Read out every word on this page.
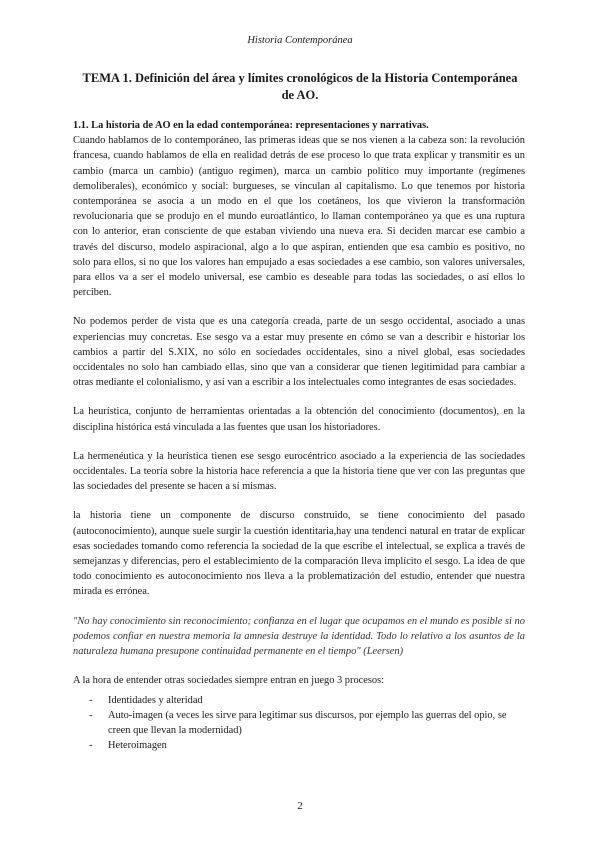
Historia Contemporánea
TEMA 1. Definición del área y límites cronológicos de la Historia Contemporánea de AO.

1.1. La historia de AO en la edad contemporánea: representaciones y narrativas.

Cuando hablamos de lo contemporáneo, las primeras ideas que se nos vienen a la cabeza son: la revolución francesa, cuando hablamos de ella en realidad detrás de ese proceso lo que trata explicar y transmitir es un cambio (marca un cambio) (antiguo regimen), marca un cambio político muy importante (regímenes demoliberales), económico y social: burgueses, se vinculan al capitalismo. Lo que tenemos por historia contemporánea se asocia a un modo en el que los coetáneos, los que vivieron la transformación revolucionaria que se produjo en el mundo euroatlántico, lo llaman contemporáneo ya que es una ruptura con lo anterior, eran consciente de que estaban viviendo una nueva era. Si deciden marcar ese cambio a través del discurso, modelo aspiracional, algo a lo que aspiran, entienden que esa cambio es positivo, no solo para ellos, si no que los valores han empujado a esas sociedades a ese cambio, son valores universales, para ellos va a ser el modelo universal, ese cambio es deseable para todas las sociedades, o así ellos lo perciben.

No podemos perder de vista que es una categoría creada, parte de un sesgo occidental, asociado a unas experiencias muy concretas. Ese sesgo va a estar muy presente en cómo se van a describir e historiar los cambios a partir del S.XIX, no sólo en sociedades occidentales, sino a nivel global, esas sociedades occidentales no solo han cambiado ellas, sino que van a considerar que tienen legitimidad para cambiar a otras mediante el colonialismo, y así van a escribir a los intelectuales como integrantes de esas sociedades.

La heurística, conjunto de herramientas orientadas a la obtención del conocimiento (documentos), en la disciplina histórica está vinculada a las fuentes que usan los historiadores.

La hermenéutica y la heurística tienen ese sesgo eurocéntrico asociado a la experiencia de las sociedades occidentales. La teoría sobre la historia hace referencia a que la historia tiene que ver con las preguntas que las sociedades del presente se hacen a sí mismas.

la historia tiene un componente de discurso construido, se tiene conocimiento del pasado (autoconocimiento), aunque suele surgir la cuestión identitaria,hay una tendenci natural en tratar de explicar esas sociedades tomando como referencia la sociedad de la que escribe el intelectual, se explica a través de semejanzas y diferencias, pero el establecimiento de la comparación lleva implícito el sesgo. La idea de que todo conocimiento es autoconocimiento nos lleva a la problematización del estudio, entender que nuestra mirada es errónea.

"No hay conocimiento sin reconocimiento; confianza en el lugar que ocupamos en el mundo es posible si no podemos confiar en nuestra memoria la amnesia destruye la identidad. Todo lo relativo a los asuntos de la naturaleza humana presupone continuidad permanente en el tiempo" (Leersen)

A la hora de entender otras sociedades siempre entran en juego 3 procesos:

- Identidades y alteridad
- Auto-imagen (a veces les sirve para legitimar sus discursos, por ejemplo las guerras del opio, se creen que llevan la modernidad)
- Heteroimagen
2
